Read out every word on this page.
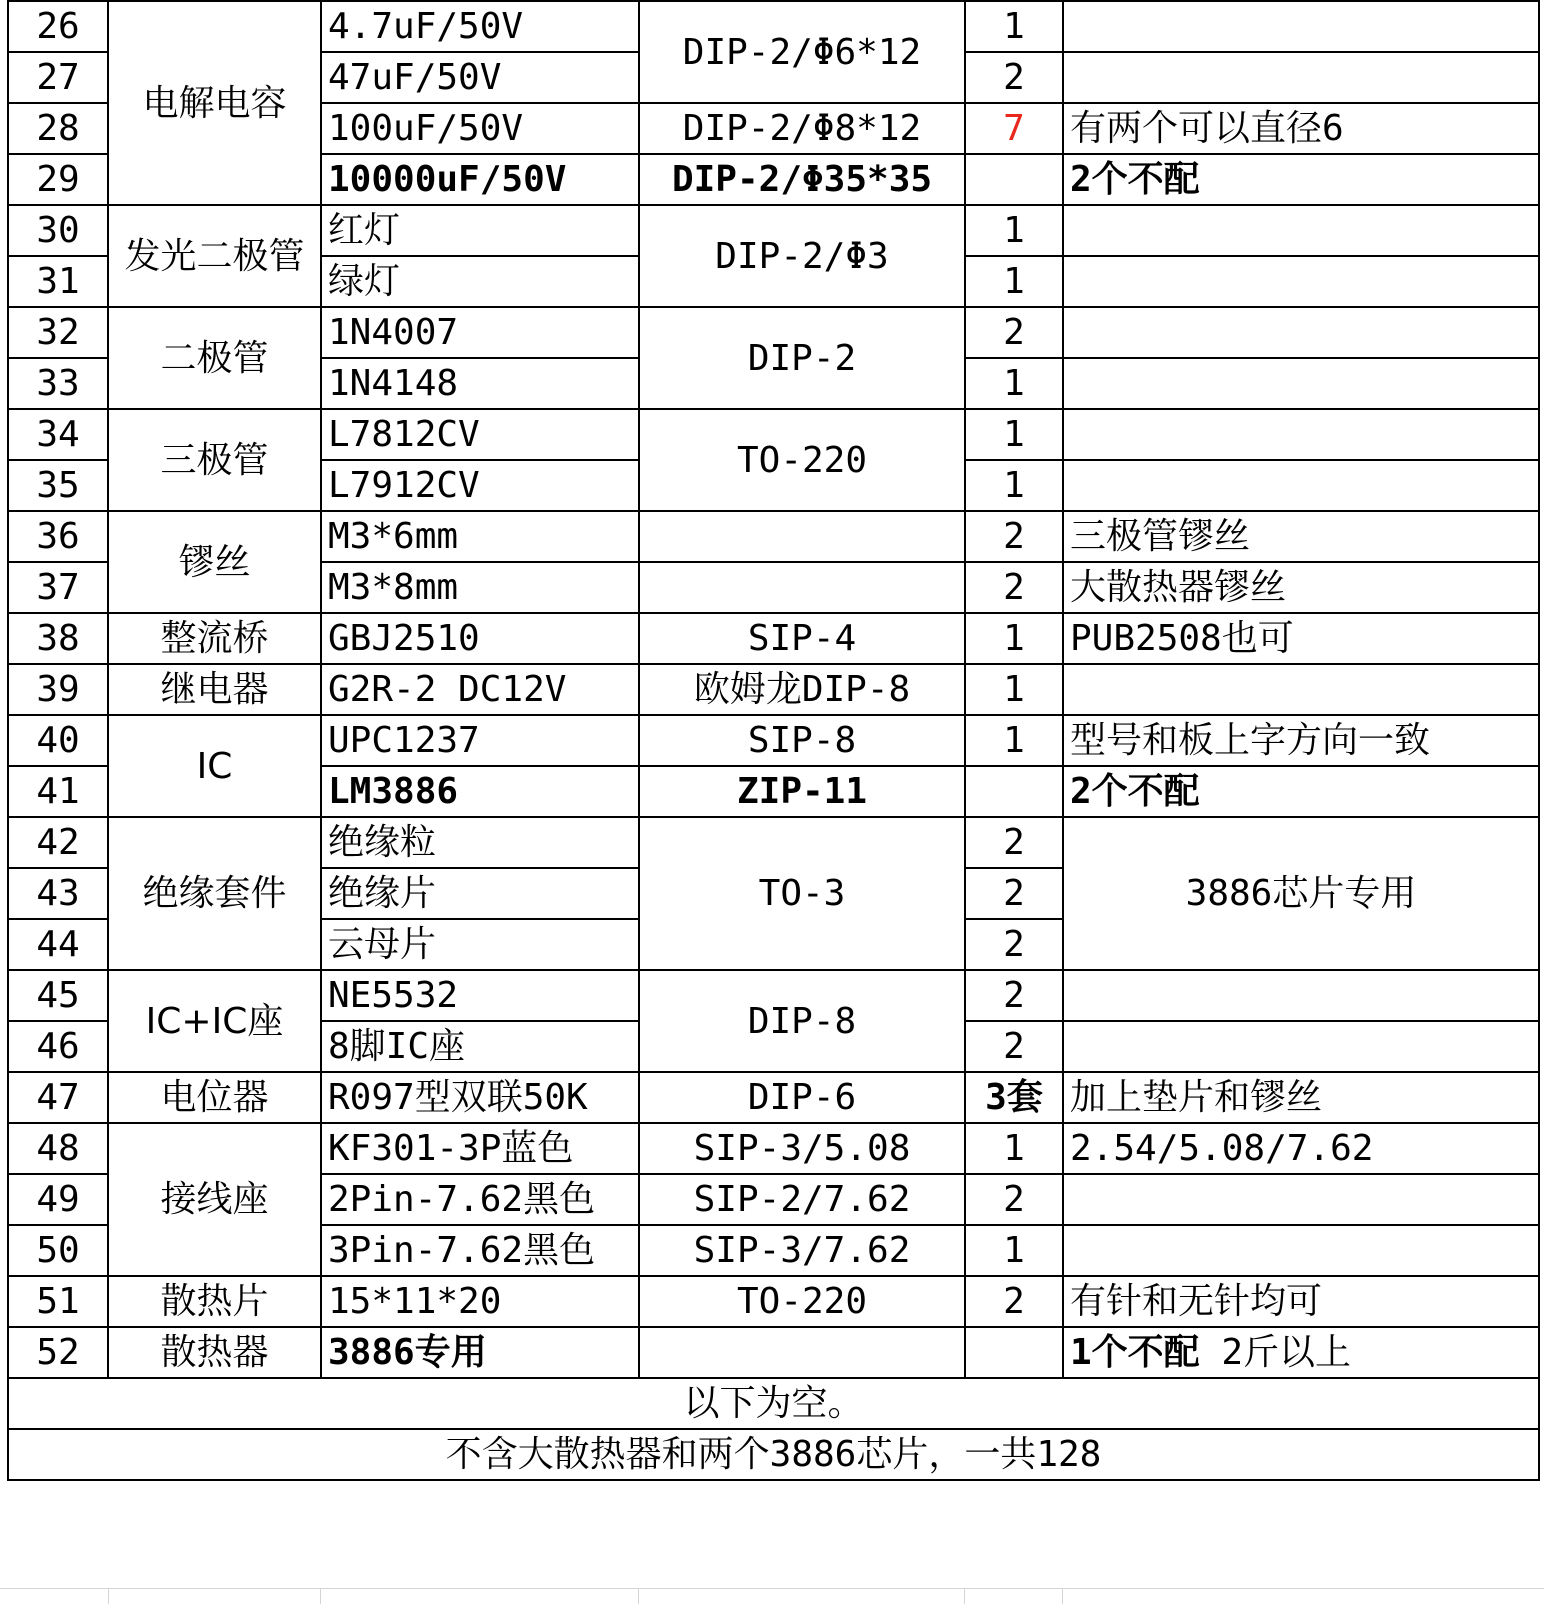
26	电解电容	4.7uF/50V	DIP-2/Φ6*12	1	
27		47uF/50V		2	
28		100uF/50V	DIP-2/Φ8*12	7	有两个可以直径6
29		10000uF/50V	DIP-2/Φ35*35		2个不配
30	发光二极管	红灯	DIP-2/Φ3	1	
31		绿灯		1	
32	二极管	1N4007	DIP-2	2	
33		1N4148		1	
34	三极管	L7812CV	TO-220	1	
35		L7912CV		1	
36	镠丝	M3*6mm		2	三极管镠丝
37		M3*8mm		2	大散热器镠丝
38	整流桥	GBJ2510	SIP-4	1	PUB2508也可
39	继电器	G2R-2 DC12V	欧姆龙DIP-8	1	
40	IC	UPC1237	SIP-8	1	型号和板上字方向一致
41		LM3886	ZIP-11		2个不配
42	绝缘套件	绝缘粒	TO-3	2	3886芯片专用
43		绝缘片		2	
44		云母片		2	
45	IC+IC座	NE5532	DIP-8	2	
46		8脚IC座		2	
47	电位器	R097型双联50K	DIP-6	3套	加上垫片和镠丝
48	接线座	KF301-3P蓝色	SIP-3/5.08	1	2.54/5.08/7.62
49		2Pin-7.62黑色	SIP-2/7.62	2	
50		3Pin-7.62黑色	SIP-3/7.62	1	
51	散热片	15*11*20	TO-220	2	有针和无针均可
52	散热器	3886专用			1个不配 2斤以上
以下为空。					
不含大散热器和两个3886芯片，一共128					
